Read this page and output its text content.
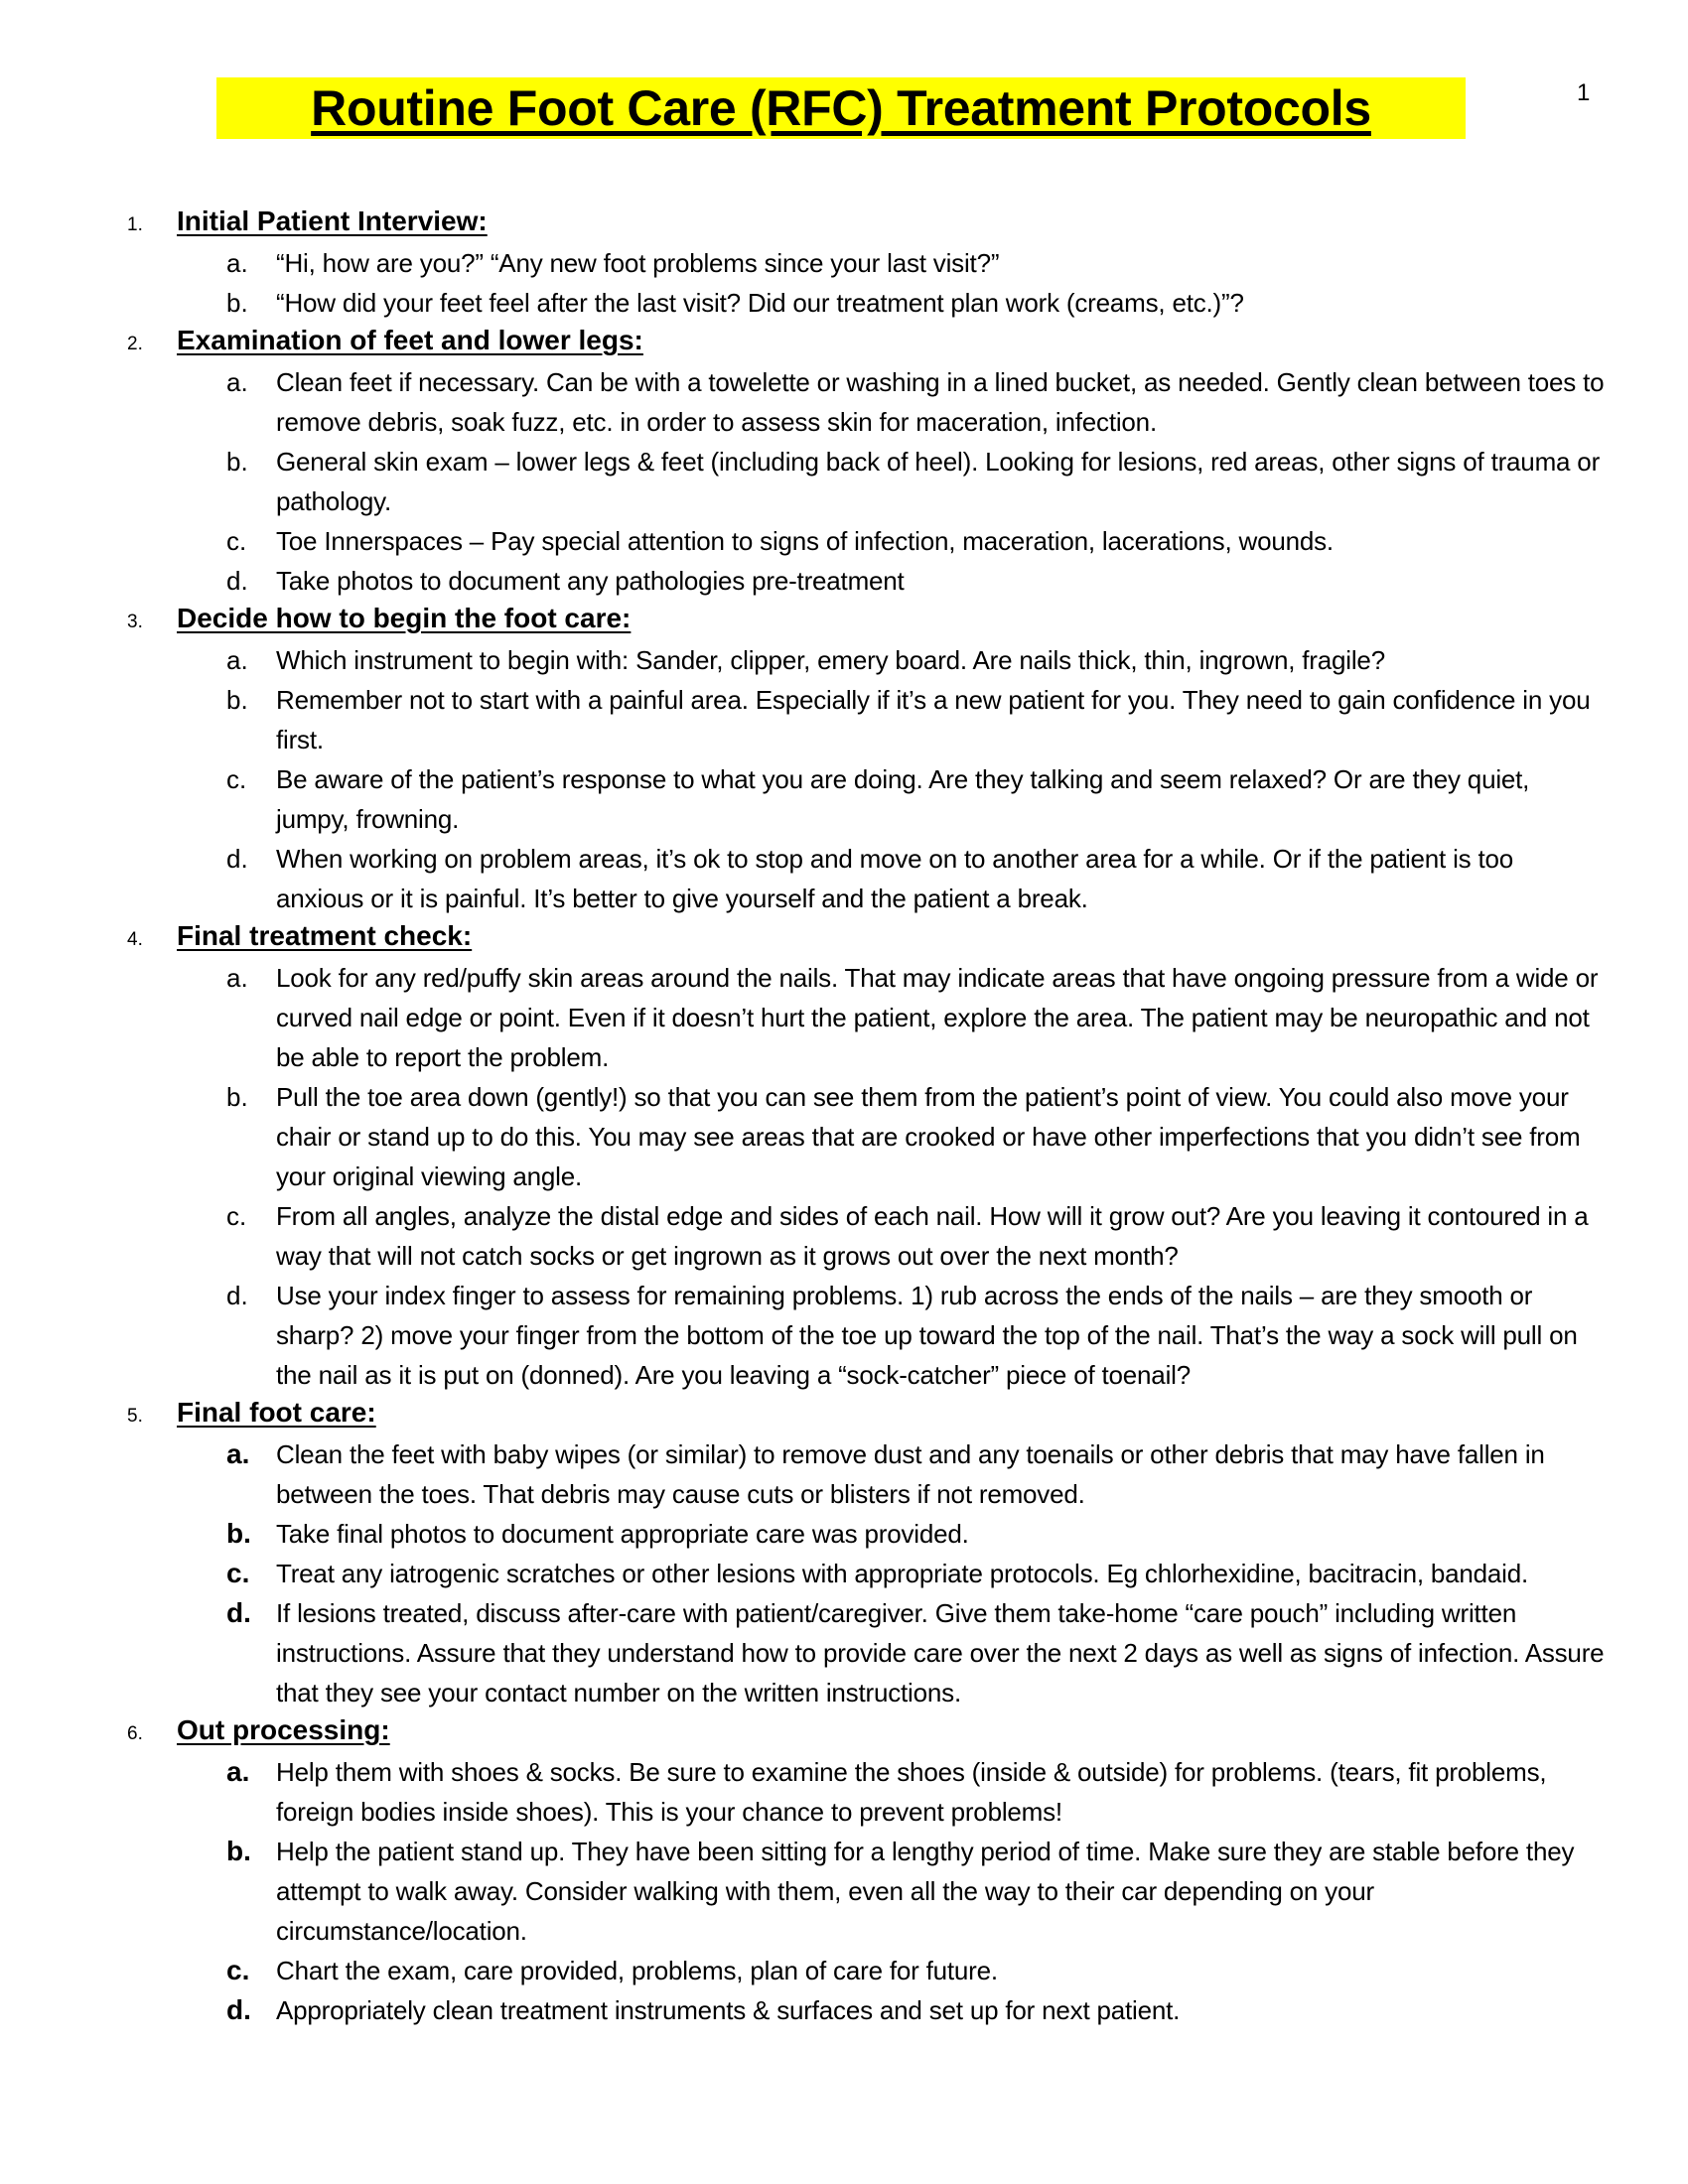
1
Routine Foot Care (RFC) Treatment Protocols
1. Initial Patient Interview:
a.	“Hi, how are you?” “Any new foot problems since your last visit?”
b.	“How did your feet feel after the last visit? Did our treatment plan work (creams, etc.)”?
2. Examination of feet and lower legs:
a.	Clean feet if necessary. Can be with a towelette or washing in a lined bucket, as needed. Gently clean between toes to remove debris, soak fuzz, etc. in order to assess skin for maceration, infection.
b.	General skin exam – lower legs & feet (including back of heel). Looking for lesions, red areas, other signs of trauma or pathology.
c.	Toe Innerspaces – Pay special attention to signs of infection, maceration, lacerations, wounds.
d.	Take photos to document any pathologies pre-treatment
3. Decide how to begin the foot care:
a.	Which instrument to begin with: Sander, clipper, emery board. Are nails thick, thin, ingrown, fragile?
b.	Remember not to start with a painful area. Especially if it’s a new patient for you. They need to gain confidence in you first.
c.	Be aware of the patient’s response to what you are doing. Are they talking and seem relaxed? Or are they quiet, jumpy, frowning.
d.	When working on problem areas, it’s ok to stop and move on to another area for a while. Or if the patient is too anxious or it is painful. It’s better to give yourself and the patient a break.
4. Final treatment check:
a.	Look for any red/puffy skin areas around the nails. That may indicate areas that have ongoing pressure from a wide or curved nail edge or point. Even if it doesn’t hurt the patient, explore the area. The patient may be neuropathic and not be able to report the problem.
b.	Pull the toe area down (gently!) so that you can see them from the patient’s point of view. You could also move your chair or stand up to do this. You may see areas that are crooked or have other imperfections that you didn’t see from your original viewing angle.
c.	From all angles, analyze the distal edge and sides of each nail. How will it grow out? Are you leaving it contoured in a way that will not catch socks or get ingrown as it grows out over the next month?
d.	Use your index finger to assess for remaining problems. 1) rub across the ends of the nails – are they smooth or sharp? 2) move your finger from the bottom of the toe up toward the top of the nail. That’s the way a sock will pull on the nail as it is put on (donned). Are you leaving a “sock-catcher” piece of toenail?
5. Final foot care:
a. Clean the feet with baby wipes (or similar) to remove dust and any toenails or other debris that may have fallen in between the toes. That debris may cause cuts or blisters if not removed.
b. Take final photos to document appropriate care was provided.
c. Treat any iatrogenic scratches or other lesions with appropriate protocols. Eg chlorhexidine, bacitracin, bandaid.
d. If lesions treated, discuss after-care with patient/caregiver. Give them take-home “care pouch” including written instructions. Assure that they understand how to provide care over the next 2 days as well as signs of infection. Assure that they see your contact number on the written instructions.
6. Out processing:
a. Help them with shoes & socks. Be sure to examine the shoes (inside & outside) for problems. (tears, fit problems, foreign bodies inside shoes). This is your chance to prevent problems!
b. Help the patient stand up. They have been sitting for a lengthy period of time. Make sure they are stable before they attempt to walk away. Consider walking with them, even all the way to their car depending on your circumstance/location.
c. Chart the exam, care provided, problems, plan of care for future.
d. Appropriately clean treatment instruments & surfaces and set up for next patient.
